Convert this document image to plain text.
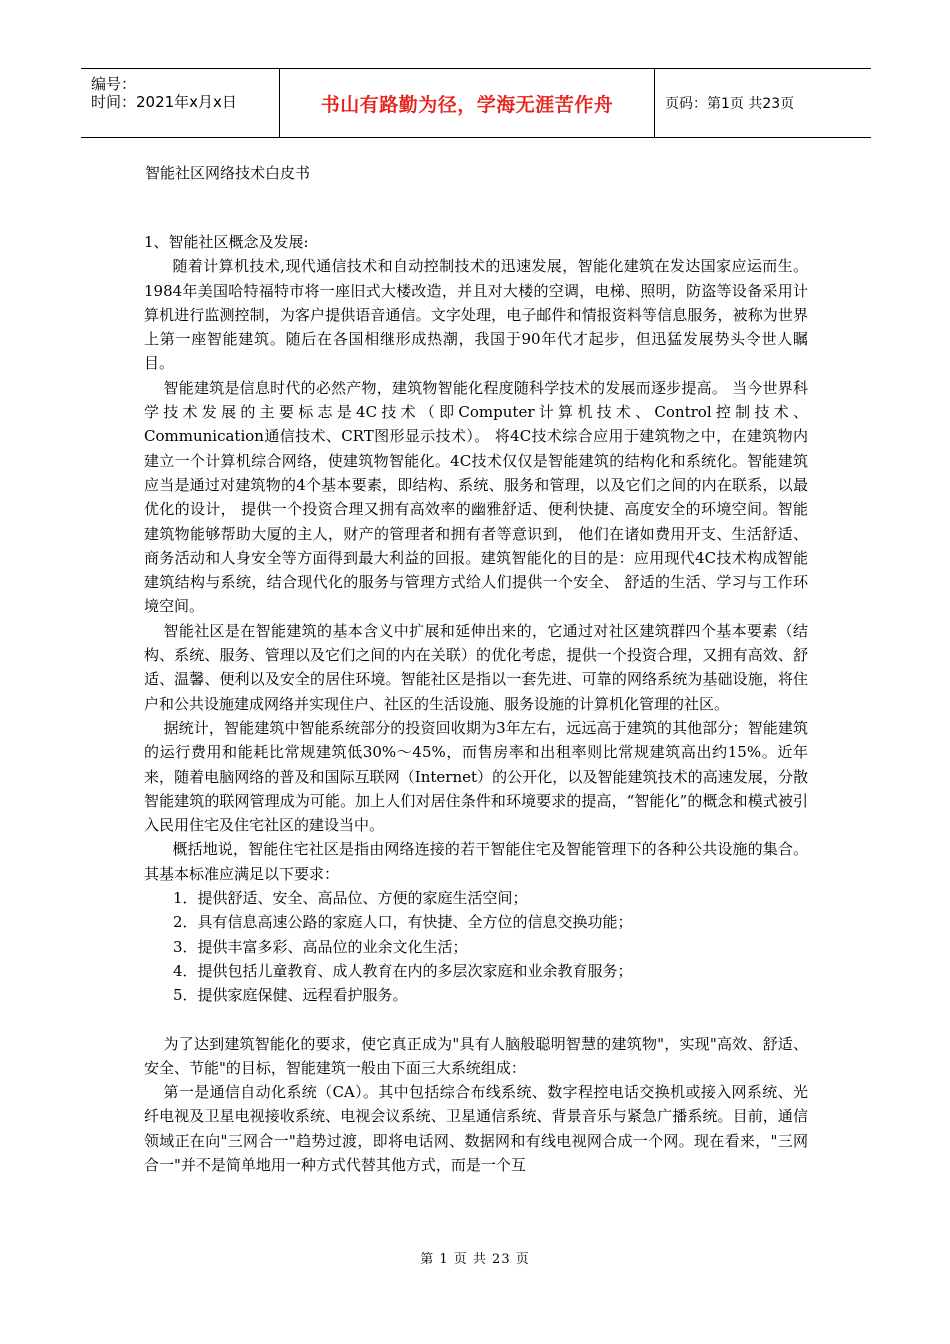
编号：
时间：2021年x月x日	书山有路勤为径，学海无涯苦作舟	页码：第1页 共23页
智能社区网络技术白皮书

1、智能社区概念及发展:

随着计算机技术,现代通信技术和自动控制技术的迅速发展，智能化建筑在发达国家应运而生。1984年美国哈特福特市将一座旧式大楼改造，并且对大楼的空调，电梯、照明，防盗等设备采用计算机进行监测控制，为客户提供语音通信。文字处理，电子邮件和情报资料等信息服务，被称为世界上第一座智能建筑。随后在各国相继形成热潮，我国于90年代才起步，但迅猛发展势头令世人瞩目。

智能建筑是信息时代的必然产物，建筑物智能化程度随科学技术的发展而逐步提高。 当今世界科学技术发展的主要标志是4C技术（即Computer计算机技术、Control控制技术、Communication通信技术、CRT图形显示技术）。 将4C技术综合应用于建筑物之中，在建筑物内建立一个计算机综合网络，使建筑物智能化。4C技术仅仅是智能建筑的结构化和系统化。智能建筑应当是通过对建筑物的4个基本要素，即结构、系统、服务和管理，以及它们之间的内在联系，以最优化的设计， 提供一个投资合理又拥有高效率的幽雅舒适、便利快捷、高度安全的环境空间。智能建筑物能够帮助大厦的主人，财产的管理者和拥有者等意识到， 他们在诸如费用开支、生活舒适、商务活动和人身安全等方面得到最大利益的回报。建筑智能化的目的是：应用现代4C技术构成智能建筑结构与系统，结合现代化的服务与管理方式给人们提供一个安全、 舒适的生活、学习与工作环境空间。

智能社区是在智能建筑的基本含义中扩展和延伸出来的，它通过对社区建筑群四个基本要素（结构、系统、服务、管理以及它们之间的内在关联）的优化考虑，提供一个投资合理，又拥有高效、舒适、温馨、便利以及安全的居住环境。智能社区是指以一套先进、可靠的网络系统为基础设施，将住户和公共设施建成网络并实现住户、社区的生活设施、服务设施的计算机化管理的社区。

据统计，智能建筑中智能系统部分的投资回收期为3年左右，远远高于建筑的其他部分；智能建筑的运行费用和能耗比常规建筑低30%～45%，而售房率和出租率则比常规建筑高出约15%。近年来，随着电脑网络的普及和国际互联网（Internet）的公开化，以及智能建筑技术的高速发展，分散智能建筑的联网管理成为可能。加上人们对居住条件和环境要求的提高，“智能化”的概念和模式被引入民用住宅及住宅社区的建设当中。

概括地说，智能住宅社区是指由网络连接的若干智能住宅及智能管理下的各种公共设施的集合。其基本标准应满足以下要求：

1．提供舒适、安全、高品位、方便的家庭生活空间；

2．具有信息高速公路的家庭人口，有快捷、全方位的信息交换功能；

3．提供丰富多彩、高品位的业余文化生活；

4．提供包括儿童教育、成人教育在内的多层次家庭和业余教育服务；

5．提供家庭保健、远程看护服务。

为了达到建筑智能化的要求，使它真正成为"具有人脑般聪明智慧的建筑物"，实现"高效、舒适、安全、节能"的目标，智能建筑一般由下面三大系统组成：

第一是通信自动化系统（CA）。其中包括综合布线系统、数字程控电话交换机或接入网系统、光纤电视及卫星电视接收系统、电视会议系统、卫星通信系统、背景音乐与紧急广播系统。目前，通信领域正在向"三网合一"趋势过渡，即将电话网、数据网和有线电视网合成一个网。现在看来，"三网合一"并不是简单地用一种方式代替其他方式，而是一个互

第 1 页 共 23 页
